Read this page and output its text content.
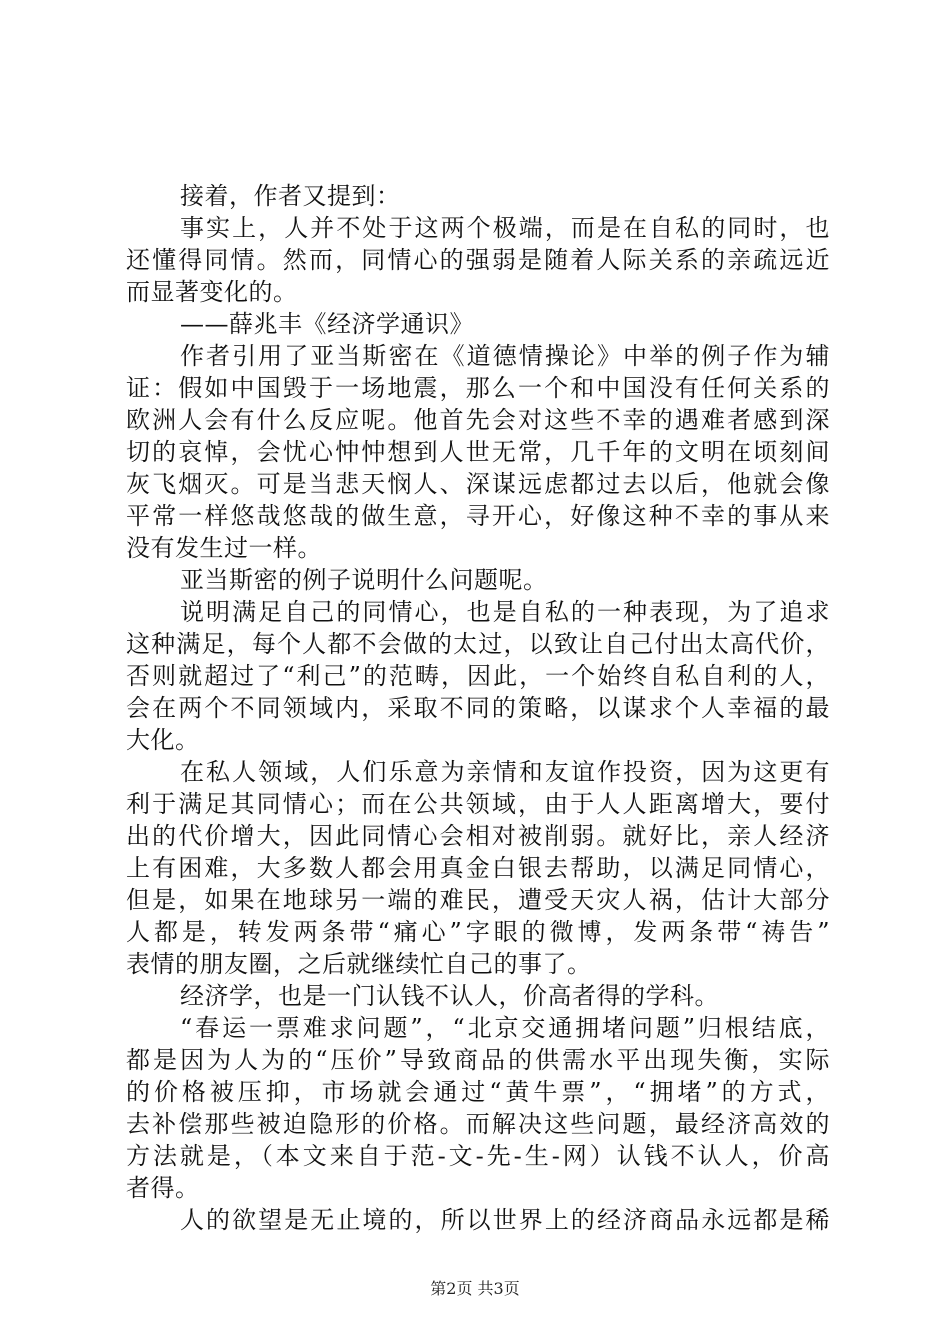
接着，作者又提到：
事实上，人并不处于这两个极端，而是在自私的同时，也
还懂得同情。然而，同情心的强弱是随着人际关系的亲疏远近
而显著变化的。
——薛兆丰《经济学通识》
作者引用了亚当斯密在《道德情操论》中举的例子作为辅
证：假如中国毁于一场地震，那么一个和中国没有任何关系的
欧洲人会有什么反应呢。他首先会对这些不幸的遇难者感到深
切的哀悼，会忧心忡忡想到人世无常，几千年的文明在顷刻间
灰飞烟灭。可是当悲天悯人、深谋远虑都过去以后，他就会像
平常一样悠哉悠哉的做生意，寻开心，好像这种不幸的事从来
没有发生过一样。
亚当斯密的例子说明什么问题呢。
说明满足自己的同情心，也是自私的一种表现，为了追求
这种满足，每个人都不会做的太过，以致让自己付出太高代价，
否则就超过了“利己”的范畴，因此，一个始终自私自利的人，
会在两个不同领域内，采取不同的策略，以谋求个人幸福的最
大化。
在私人领域，人们乐意为亲情和友谊作投资，因为这更有
利于满足其同情心；而在公共领域，由于人人距离增大，要付
出的代价增大，因此同情心会相对被削弱。就好比，亲人经济
上有困难，大多数人都会用真金白银去帮助，以满足同情心，
但是，如果在地球另一端的难民，遭受天灾人祸，估计大部分
人都是，转发两条带“痛心”字眼的微博，发两条带“祷告”
表情的朋友圈，之后就继续忙自己的事了。
经济学，也是一门认钱不认人，价高者得的学科。
“春运一票难求问题”，“北京交通拥堵问题”归根结底，
都是因为人为的“压价”导致商品的供需水平出现失衡，实际
的价格被压抑，市场就会通过“黄牛票”，“拥堵”的方式，
去补偿那些被迫隐形的价格。而解决这些问题，最经济高效的
方法就是，（本文来自于范-文-先-生-网）认钱不认人，价高
者得。
人的欲望是无止境的，所以世界上的经济商品永远都是稀
第2页 共3页
